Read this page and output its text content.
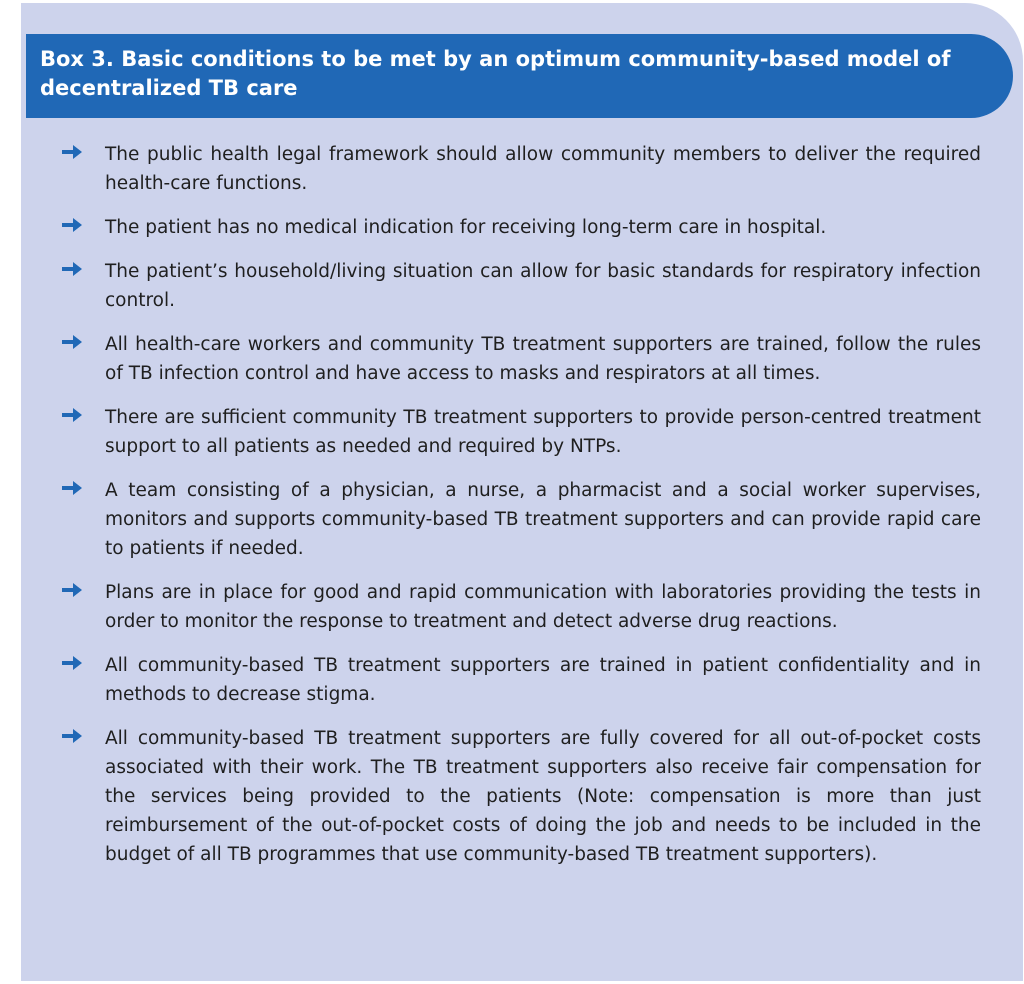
Box 3. Basic conditions to be met by an optimum community-based model of decentralized TB care
The public health legal framework should allow community members to deliver the required health-care functions.
The patient has no medical indication for receiving long-term care in hospital.
The patient’s household/living situation can allow for basic standards for respiratory infection control.
All health-care workers and community TB treatment supporters are trained, follow the rules of TB infection control and have access to masks and respirators at all times.
There are sufficient community TB treatment supporters to provide person-centred treatment support to all patients as needed and required by NTPs.
A team consisting of a physician, a nurse, a pharmacist and a social worker supervises, monitors and supports community-based TB treatment supporters and can provide rapid care to patients if needed.
Plans are in place for good and rapid communication with laboratories providing the tests in order to monitor the response to treatment and detect adverse drug reactions.
All community-based TB treatment supporters are trained in patient confidentiality and in methods to decrease stigma.
All community-based TB treatment supporters are fully covered for all out-of-pocket costs associated with their work. The TB treatment supporters also receive fair compensation for the services being provided to the patients (Note: compensation is more than just reimbursement of the out-of-pocket costs of doing the job and needs to be included in the budget of all TB programmes that use community-based TB treatment supporters).
